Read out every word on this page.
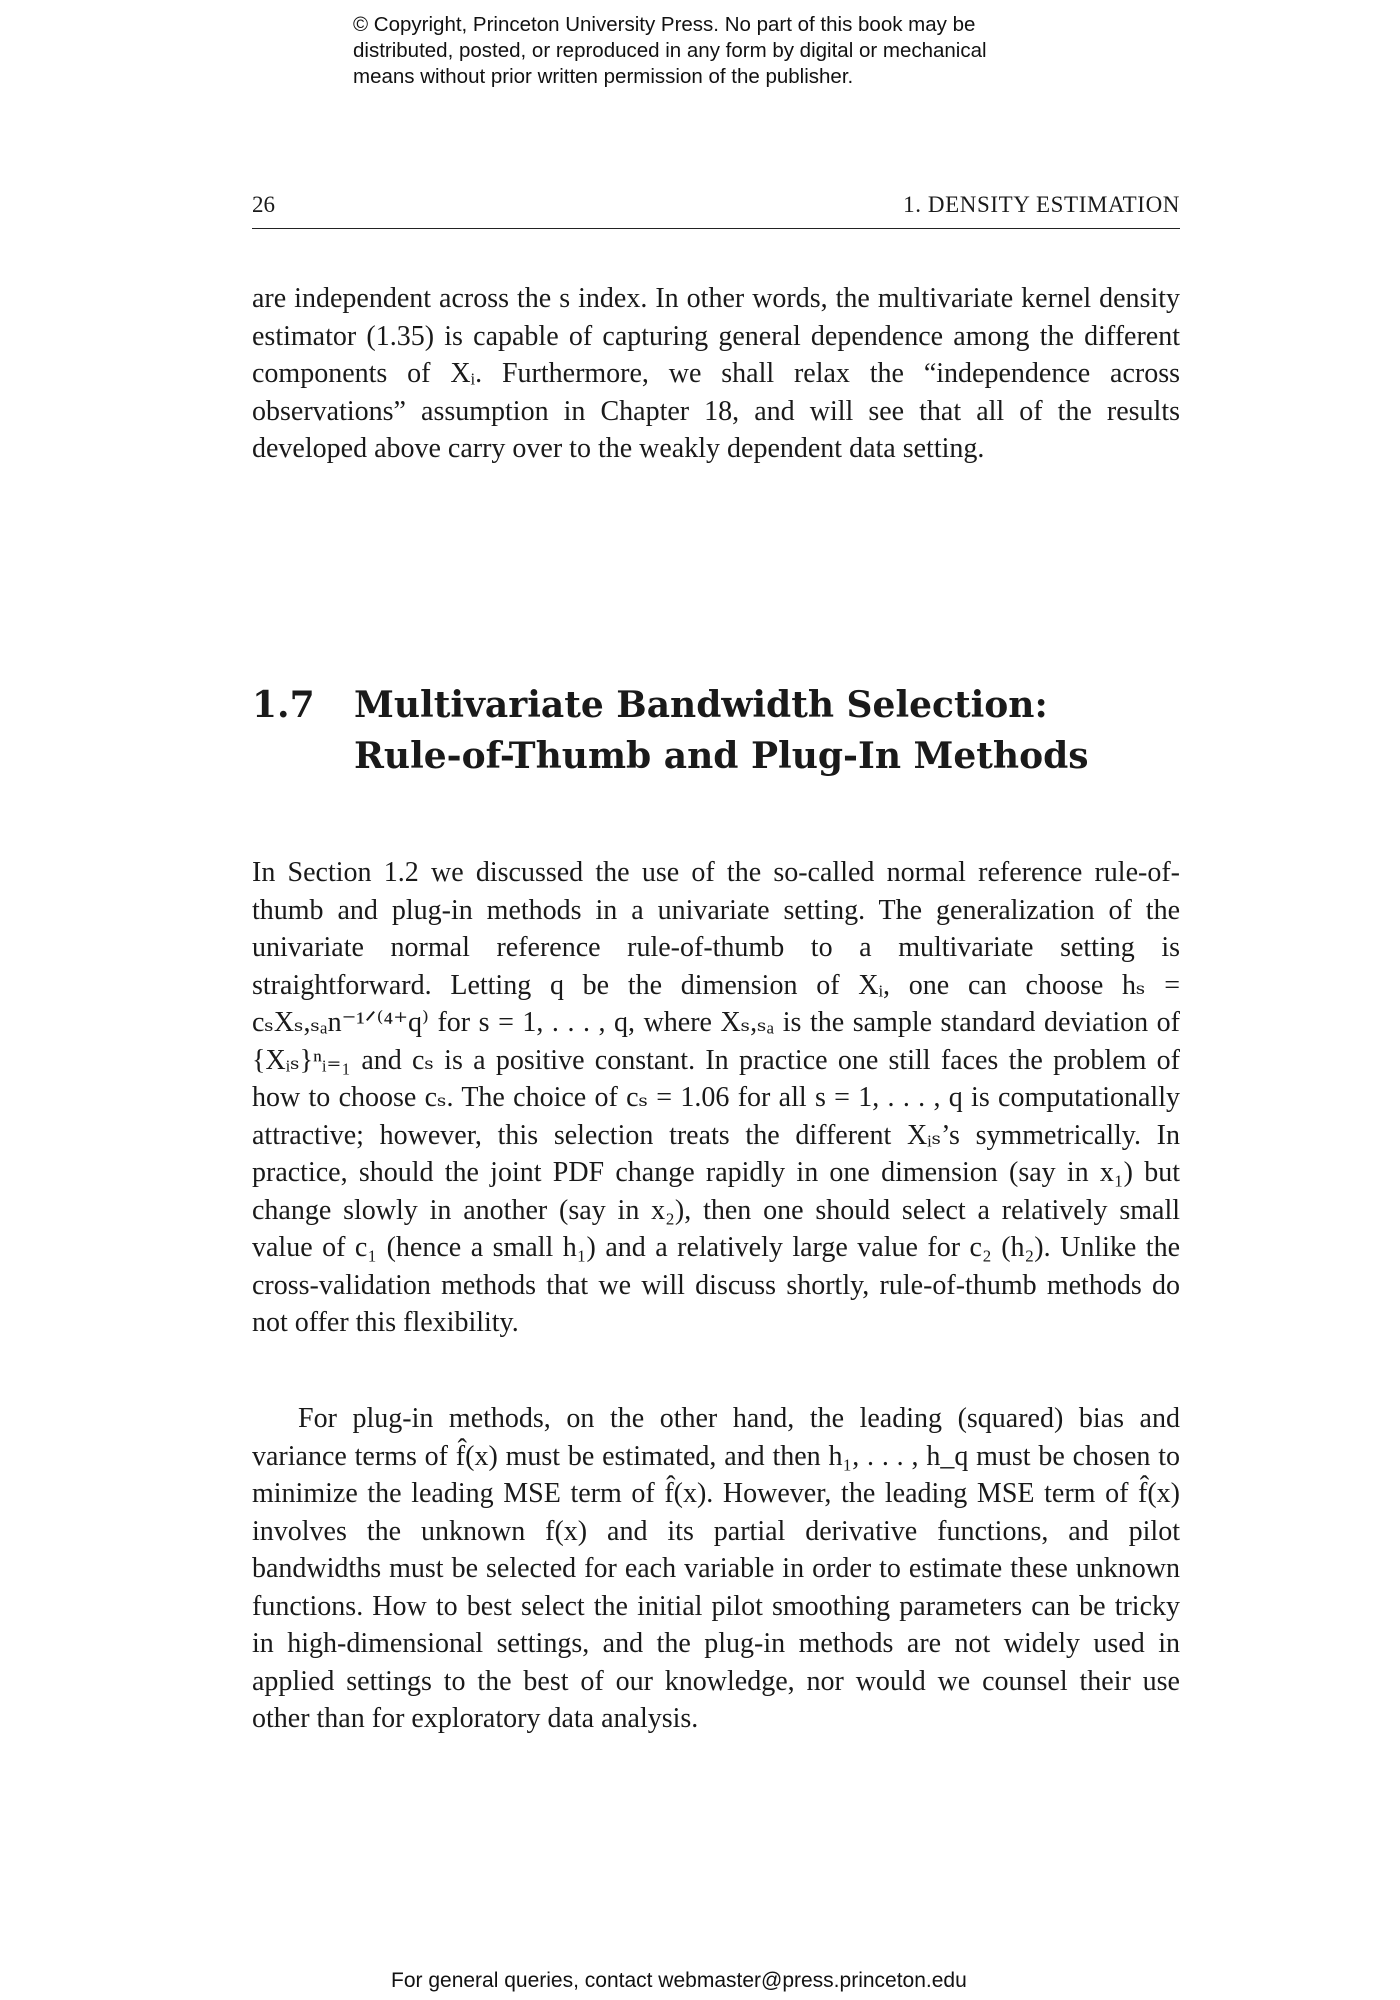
© Copyright, Princeton University Press. No part of this book may be

distributed, posted, or reproduced in any form by digital or mechanical

means without prior written permission of the publisher.

26	1. DENSITY ESTIMATION

are independent across the s index. In other words, the multivariate kernel density estimator (1.35) is capable of capturing general dependence among the different components of Xᵢ. Furthermore, we shall relax the “independence across observations” assumption in Chapter 18, and will see that all of the results developed above carry over to the weakly dependent data setting.

1.7 Multivariate Bandwidth Selection:
Rule-of-Thumb and Plug-In Methods

In Section 1.2 we discussed the use of the so-called normal reference rule-of-thumb and plug-in methods in a univariate setting. The generalization of the univariate normal reference rule-of-thumb to a multivariate setting is straightforward. Letting q be the dimension of Xᵢ, one can choose hₛ = cₛXₛ,ₛₐn⁻¹ᐟ⁽⁴⁺q⁾ for s = 1, . . . , q, where Xₛ,ₛₐ is the sample standard deviation of {Xᵢₛ}ⁿᵢ₌₁ and cₛ is a positive constant. In practice one still faces the problem of how to choose cₛ. The choice of cₛ = 1.06 for all s = 1, . . . , q is computationally attractive; however, this selection treats the different Xᵢₛ’s symmetrically. In practice, should the joint PDF change rapidly in one dimension (say in x₁) but change slowly in another (say in x₂), then one should select a relatively small value of c₁ (hence a small h₁) and a relatively large value for c₂ (h₂). Unlike the cross-validation methods that we will discuss shortly, rule-of-thumb methods do not offer this flexibility.

For plug-in methods, on the other hand, the leading (squared) bias and variance terms of f̂(x) must be estimated, and then h₁, . . . , h_q must be chosen to minimize the leading MSE term of f̂(x). However, the leading MSE term of f̂(x) involves the unknown f(x) and its partial derivative functions, and pilot bandwidths must be selected for each variable in order to estimate these unknown functions. How to best select the initial pilot smoothing parameters can be tricky in high-dimensional settings, and the plug-in methods are not widely used in applied settings to the best of our knowledge, nor would we counsel their use other than for exploratory data analysis.

For general queries, contact webmaster@press.princeton.edu
